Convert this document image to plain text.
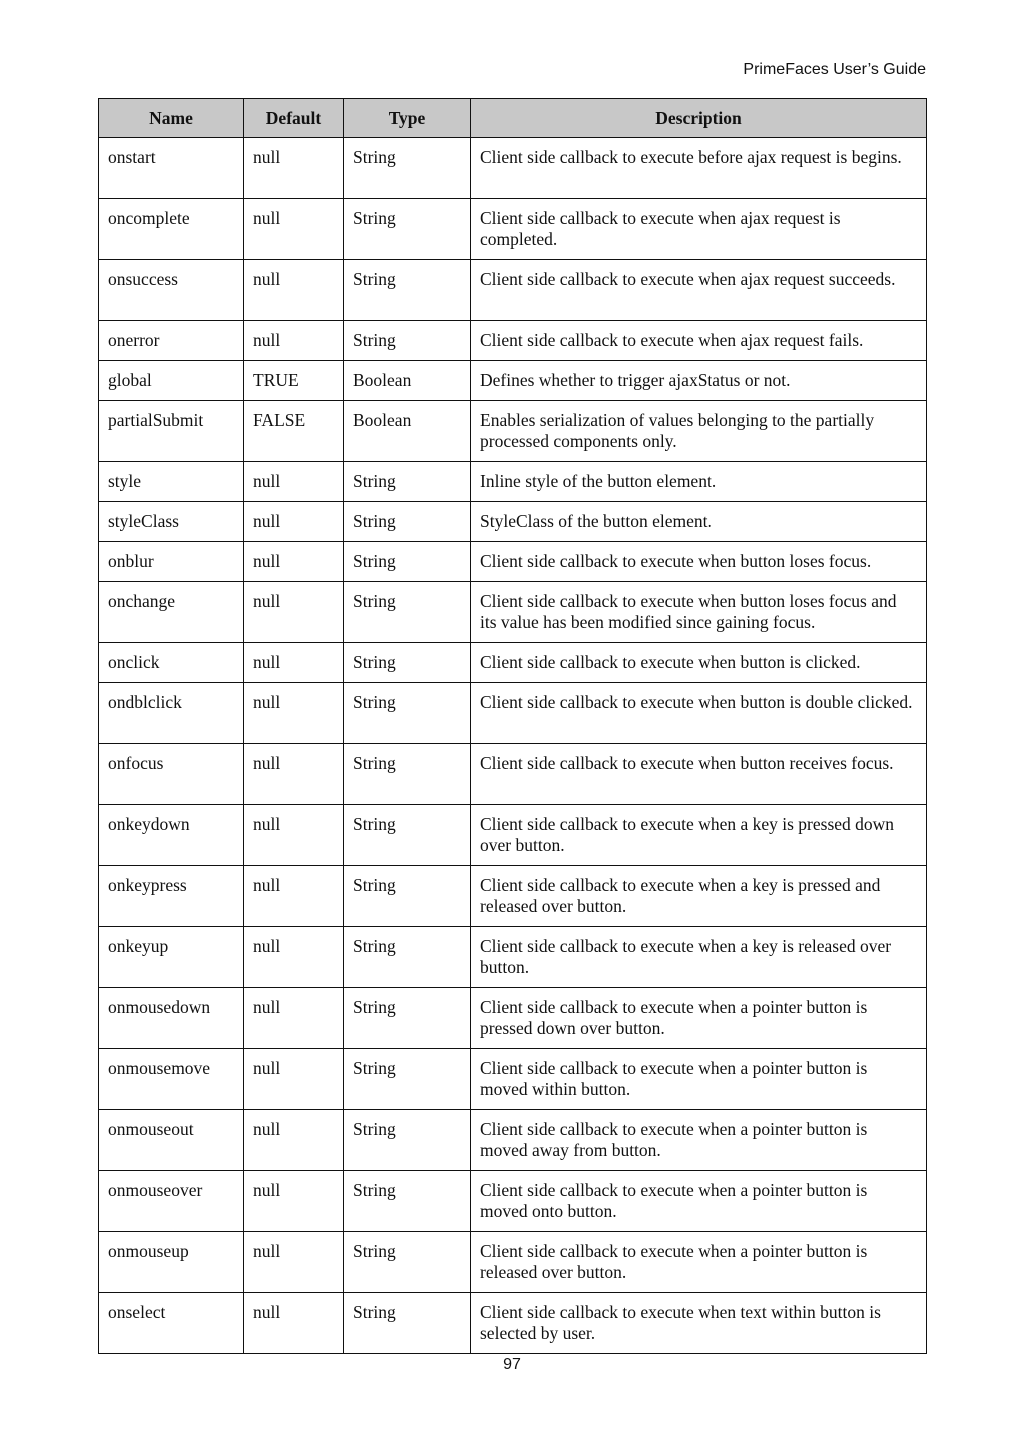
PrimeFaces User’s Guide
Name	Default	Type	Description
onstart	null	String	Client side callback to execute before ajax request is begins.
oncomplete	null	String	Client side callback to execute when ajax request is completed.
onsuccess	null	String	Client side callback to execute when ajax request succeeds.
onerror	null	String	Client side callback to execute when ajax request fails.
global	TRUE	Boolean	Defines whether to trigger ajaxStatus or not.
partialSubmit	FALSE	Boolean	Enables serialization of values belonging to the partially processed components only.
style	null	String	Inline style of the button element.
styleClass	null	String	StyleClass of the button element.
onblur	null	String	Client side callback to execute when button loses focus.
onchange	null	String	Client side callback to execute when button loses focus and its value has been modified since gaining focus.
onclick	null	String	Client side callback to execute when button is clicked.
ondblclick	null	String	Client side callback to execute when button is double clicked.
onfocus	null	String	Client side callback to execute when button receives focus.
onkeydown	null	String	Client side callback to execute when a key is pressed down over button.
onkeypress	null	String	Client side callback to execute when a key is pressed and released over button.
onkeyup	null	String	Client side callback to execute when a key is released over button.
onmousedown	null	String	Client side callback to execute when a pointer button is pressed down over button.
onmousemove	null	String	Client side callback to execute when a pointer button is moved within button.
onmouseout	null	String	Client side callback to execute when a pointer button is moved away from button.
onmouseover	null	String	Client side callback to execute when a pointer button is moved onto button.
onmouseup	null	String	Client side callback to execute when a pointer button is released over button.
onselect	null	String	Client side callback to execute when text within button is selected by user.
97
